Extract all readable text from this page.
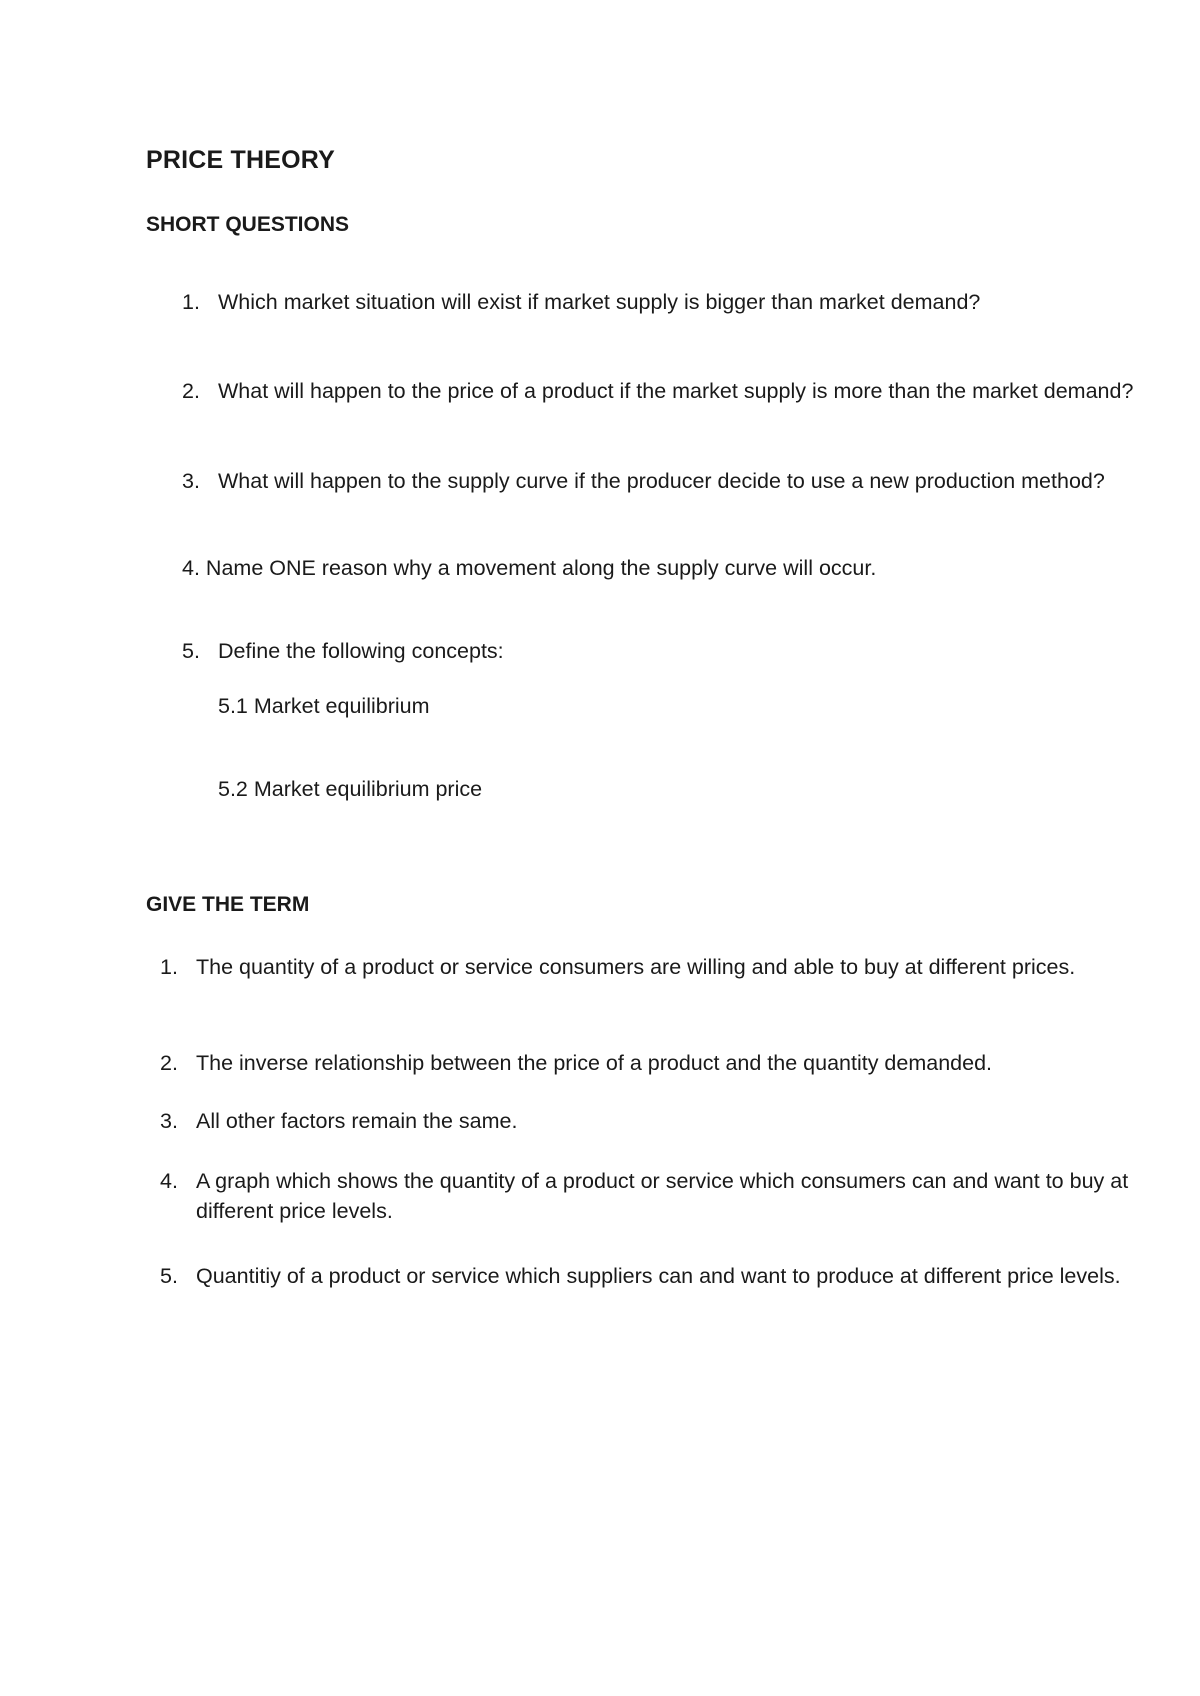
PRICE THEORY
SHORT QUESTIONS
1. Which market situation will exist if market supply is bigger than market demand?
2. What will happen to the price of a product if the market supply is more than the market demand?
3. What will happen to the supply curve if the producer decide to use a new production method?
4. Name ONE reason why a movement along the supply curve will occur.
5. Define the following concepts:
5.1 Market equilibrium
5.2 Market equilibrium price
GIVE THE TERM
1. The quantity of a product or service consumers are willing and able to buy at different prices.
2. The inverse relationship between the price of a product and the quantity demanded.
3. All other factors remain the same.
4. A graph which shows the quantity of a product or service which consumers can and want to buy at different price levels.
5. Quantitiy of a product or service which suppliers can and want to produce at different price levels.
